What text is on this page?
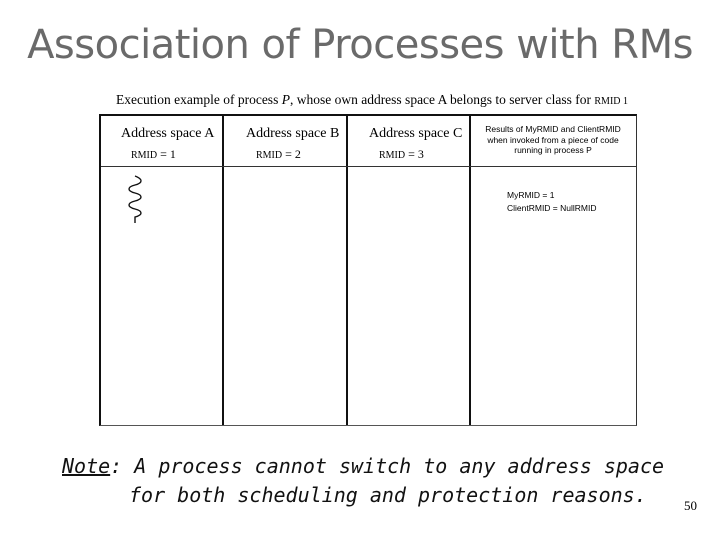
Association of Processes with RMs
Execution example of process P, whose own address space A belongs to server class for RMID 1
Address space A
RMID = 1
Address space B
RMID = 2
Address space C
RMID = 3
Results of MyRMID and ClientRMID
when invoked from a piece of code
running in process P
MyRMID = 1
ClientRMID = NullRMID
Note: A process cannot switch to any address space
for both scheduling and protection reasons.	50
